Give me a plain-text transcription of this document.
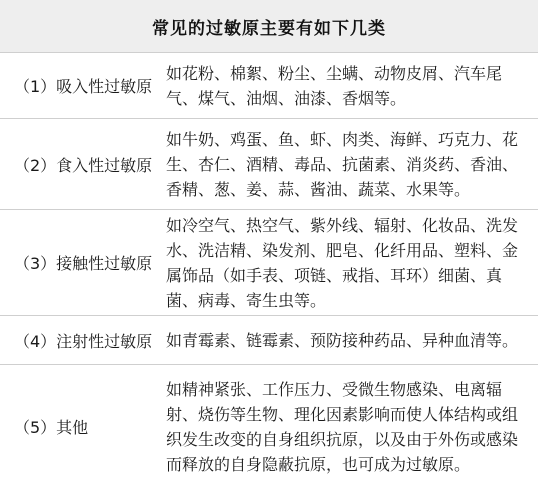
常见的过敏原主要有如下几类
（1）吸入性过敏原
如花粉、棉絮、粉尘、尘螨、动物皮屑、汽车尾气、煤气、油烟、油漆、香烟等。
（2）食入性过敏原
如牛奶、鸡蛋、鱼、虾、肉类、海鲜、巧克力、花生、杏仁、酒精、毒品、抗菌素、消炎药、香油、香精、葱、姜、蒜、酱油、蔬菜、水果等。
（3）接触性过敏原
如冷空气、热空气、紫外线、辐射、化妆品、洗发水、洗洁精、染发剂、肥皂、化纤用品、塑料、金属饰品（如手表、项链、戒指、耳环）细菌、真菌、病毒、寄生虫等。
（4）注射性过敏原 如青霉素、链霉素、预防接种药品、异种血清等。
（5）其他
如精神紧张、工作压力、受微生物感染、电离辐射、烧伤等生物、理化因素影响而使人体结构或组织发生改变的自身组织抗原，以及由于外伤或感染而释放的自身隐蔽抗原，也可成为过敏原。
